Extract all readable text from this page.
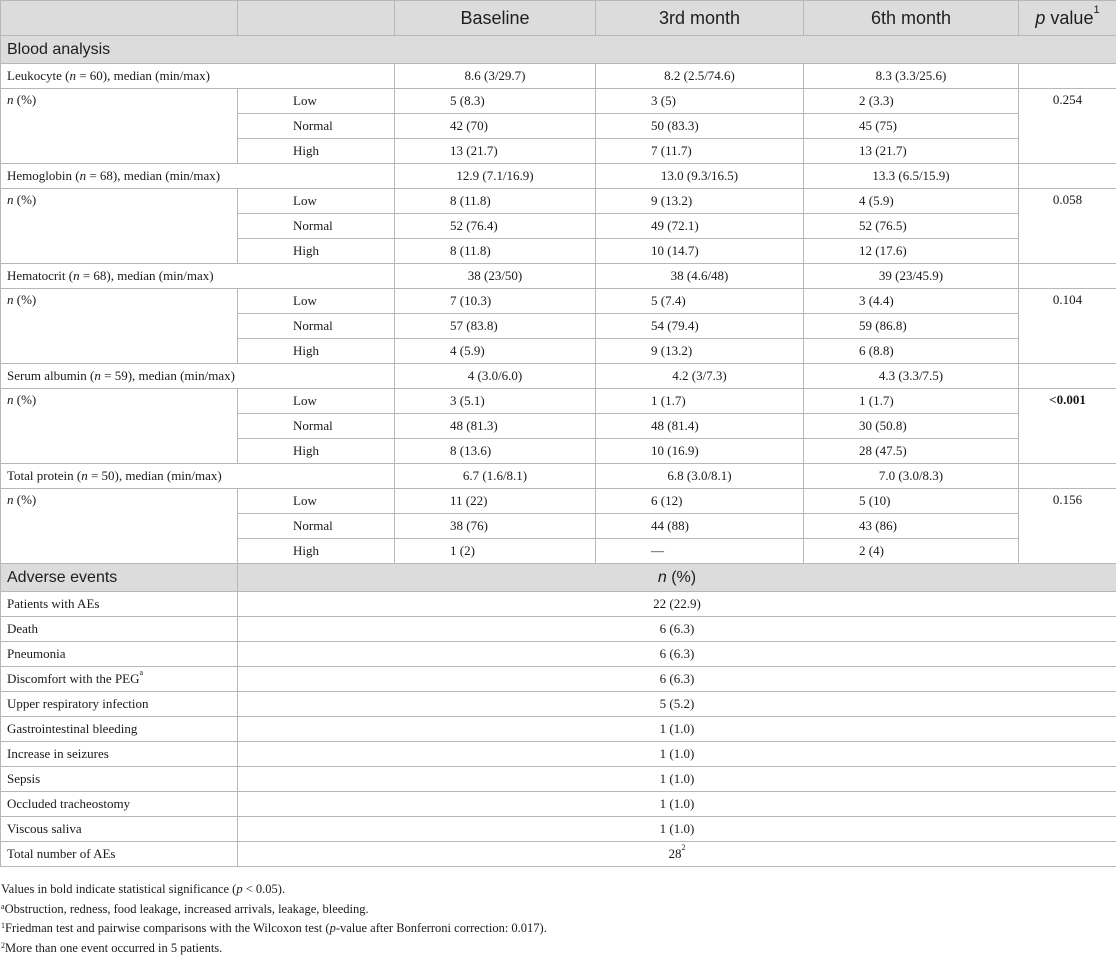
		Baseline	3rd month	6th month	p value$^1$
Blood analysis					
Leukocyte (n = 60), median (min/max)		8.6 (3/29.7)	8.2 (2.5/74.6)	8.3 (3.3/25.6)	
n (%)	Low	5 (8.3)	3 (5)	2 (3.3)	0.254
	Normal	42 (70)	50 (83.3)	45 (75)	
	High	13 (21.7)	7 (11.7)	13 (21.7)	
Hemoglobin (n = 68), median (min/max)		12.9 (7.1/16.9)	13.0 (9.3/16.5)	13.3 (6.5/15.9)	
n (%)	Low	8 (11.8)	9 (13.2)	4 (5.9)	0.058
	Normal	52 (76.4)	49 (72.1)	52 (76.5)	
	High	8 (11.8)	10 (14.7)	12 (17.6)	
Hematocrit (n = 68), median (min/max)		38 (23/50)	38 (4.6/48)	39 (23/45.9)	
n (%)	Low	7 (10.3)	5 (7.4)	3 (4.4)	0.104
	Normal	57 (83.8)	54 (79.4)	59 (86.8)	
	High	4 (5.9)	9 (13.2)	6 (8.8)	
Serum albumin (n = 59), median (min/max)		4 (3.0/6.0)	4.2 (3/7.3)	4.3 (3.3/7.5)	
n (%)	Low	3 (5.1)	1 (1.7)	1 (1.7)	<0.001
	Normal	48 (81.3)	48 (81.4)	30 (50.8)	
	High	8 (13.6)	10 (16.9)	28 (47.5)	
Total protein (n = 50), median (min/max)		6.7 (1.6/8.1)	6.8 (3.0/8.1)	7.0 (3.0/8.3)	
n (%)	Low	11 (22)	6 (12)	5 (10)	0.156
	Normal	38 (76)	44 (88)	43 (86)	
	High	1 (2)	—	2 (4)	
Adverse events	n (%)				
Patients with AEs	22 (22.9)				
Death	6 (6.3)				
Pneumonia	6 (6.3)				
Discomfort with the PEG$^a$	6 (6.3)				
Upper respiratory infection	5 (5.2)				
Gastrointestinal bleeding	1 (1.0)				
Increase in seizures	1 (1.0)				
Sepsis	1 (1.0)				
Occluded tracheostomy	1 (1.0)				
Viscous saliva	1 (1.0)				
Total number of AEs	$28^2$
Values in bold indicate statistical significance (p < 0.05).
$^a$Obstruction, redness, food leakage, increased arrivals, leakage, bleeding.
$^1$Friedman test and pairwise comparisons with the Wilcoxon test (p-value after Bonferroni correction: 0.017).
$^2$More than one event occurred in 5 patients.
